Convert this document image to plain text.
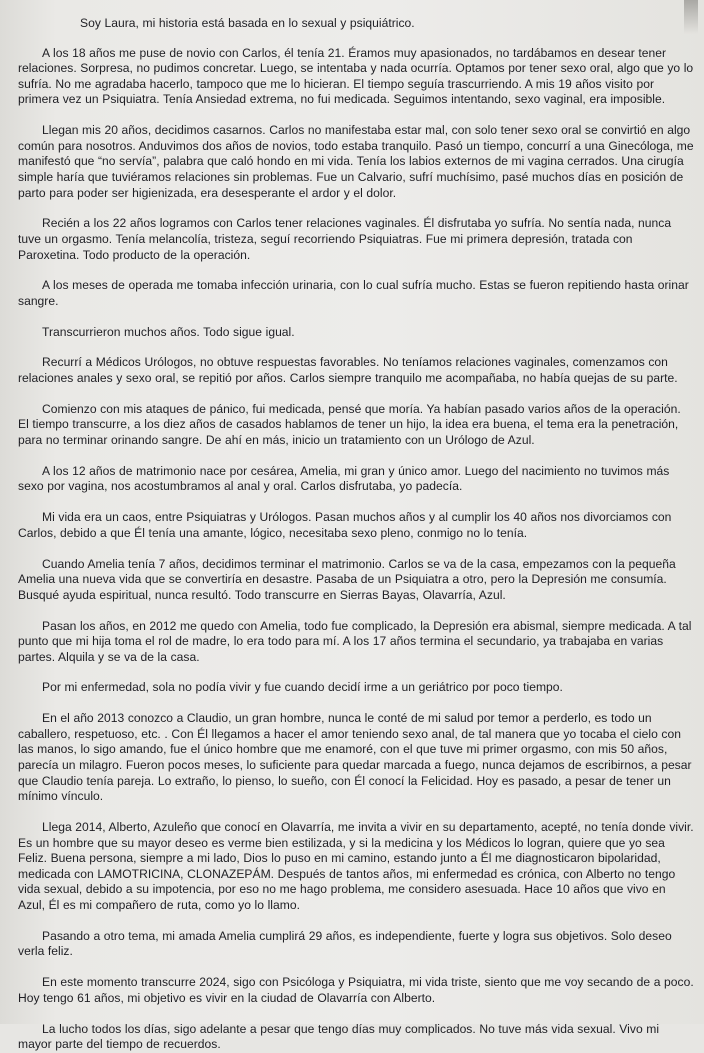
Soy Laura, mi historia está basada en lo sexual y psiquiátrico.

A los 18 años me puse de novio con Carlos, él tenía 21. Éramos muy apasionados, no tardábamos en desear tener relaciones. Sorpresa, no pudimos concretar. Luego, se intentaba y nada ocurría. Optamos por tener sexo oral, algo que yo lo sufría. No me agradaba hacerlo, tampoco que me lo hicieran. El tiempo seguía trascurriendo. A mis 19 años visito por primera vez un Psiquiatra. Tenía Ansiedad extrema, no fui medicada. Seguimos intentando, sexo vaginal, era imposible.

Llegan mis 20 años, decidimos casarnos. Carlos no manifestaba estar mal, con solo tener sexo oral se convirtió en algo común para nosotros. Anduvimos dos años de novios, todo estaba tranquilo. Pasó un tiempo, concurrí a una Ginecóloga, me manifestó que “no servía”, palabra que caló hondo en mi vida. Tenía los labios externos de mi vagina cerrados. Una cirugía simple haría que tuviéramos relaciones sin problemas. Fue un Calvario, sufrí muchísimo, pasé muchos días en posición de parto para poder ser higienizada, era desesperante el ardor y el dolor.

Recién a los 22 años logramos con Carlos tener relaciones vaginales. Él disfrutaba yo sufría. No sentía nada, nunca tuve un orgasmo. Tenía melancolía, tristeza, seguí recorriendo Psiquiatras. Fue mi primera depresión, tratada con Paroxetina. Todo producto de la operación.

A los meses de operada me tomaba infección urinaria, con lo cual sufría mucho. Estas se fueron repitiendo hasta orinar sangre.

Transcurrieron muchos años. Todo sigue igual.

Recurrí a Médicos Urólogos, no obtuve respuestas favorables. No teníamos relaciones vaginales, comenzamos con relaciones anales y sexo oral, se repitió por años. Carlos siempre tranquilo me acompañaba, no había quejas de su parte.

Comienzo con mis ataques de pánico, fui medicada, pensé que moría. Ya habían pasado varios años de la operación. El tiempo transcurre, a los diez años de casados hablamos de tener un hijo, la idea era buena, el tema era la penetración, para no terminar orinando sangre. De ahí en más, inicio un tratamiento con un Urólogo de Azul.

A los 12 años de matrimonio nace por cesárea, Amelia, mi gran y único amor. Luego del nacimiento no tuvimos más sexo por vagina, nos acostumbramos al anal y oral. Carlos disfrutaba, yo padecía.

Mi vida era un caos, entre Psiquiatras y Urólogos. Pasan muchos años y al cumplir los 40 años nos divorciamos con Carlos, debido a que Él tenía una amante, lógico, necesitaba sexo pleno, conmigo no lo tenía.

Cuando Amelia tenía 7 años, decidimos terminar el matrimonio. Carlos se va de la casa, empezamos con la pequeña Amelia una nueva vida que se convertiría en desastre. Pasaba de un Psiquiatra a otro, pero la Depresión me consumía. Busqué ayuda espiritual, nunca resultó. Todo transcurre en Sierras Bayas, Olavarría, Azul.

Pasan los años, en 2012 me quedo con Amelia, todo fue complicado, la Depresión era abismal, siempre medicada. A tal punto que mi hija toma el rol de madre, lo era todo para mí. A los 17 años termina el secundario, ya trabajaba en varias partes. Alquila y se va de la casa.

Por mi enfermedad, sola no podía vivir y fue cuando decidí irme a un geriátrico por poco tiempo.

En el año 2013 conozco a Claudio, un gran hombre, nunca le conté de mi salud por temor a perderlo, es todo un caballero, respetuoso, etc. . Con Él llegamos a hacer el amor teniendo sexo anal, de tal manera que yo tocaba el cielo con las manos, lo sigo amando, fue el único hombre que me enamoré, con el que tuve mi primer orgasmo, con mis 50 años, parecía un milagro. Fueron pocos meses, lo suficiente para quedar marcada a fuego, nunca dejamos de escribirnos, a pesar que Claudio tenía pareja. Lo extraño, lo pienso, lo sueño, con Él conocí la Felicidad. Hoy es pasado, a pesar de tener un mínimo vínculo.

Llega 2014, Alberto, Azuleño que conocí en Olavarría, me invita a vivir en su departamento, acepté, no tenía donde vivir. Es un hombre que su mayor deseo es verme bien estilizada, y si la medicina y los Médicos lo logran, quiere que yo sea Feliz. Buena persona, siempre a mi lado, Dios lo puso en mi camino, estando junto a Él me diagnosticaron bipolaridad, medicada con LAMOTRICINA, CLONAZEPÁM. Después de tantos años, mi enfermedad es crónica, con Alberto no tengo vida sexual, debido a su impotencia, por eso no me hago problema, me considero asesuada. Hace 10 años que vivo en Azul, Él es mi compañero de ruta, como yo lo llamo.

Pasando a otro tema, mi amada Amelia cumplirá 29 años, es independiente, fuerte y logra sus objetivos. Solo deseo verla feliz.

En este momento transcurre 2024, sigo con Psicóloga y Psiquiatra, mi vida triste, siento que me voy secando de a poco. Hoy tengo 61 años, mi objetivo es vivir en la ciudad de Olavarría con Alberto.

La lucho todos los días, sigo adelante a pesar que tengo días muy complicados. No tuve más vida sexual. Vivo mi mayor parte del tiempo de recuerdos.
